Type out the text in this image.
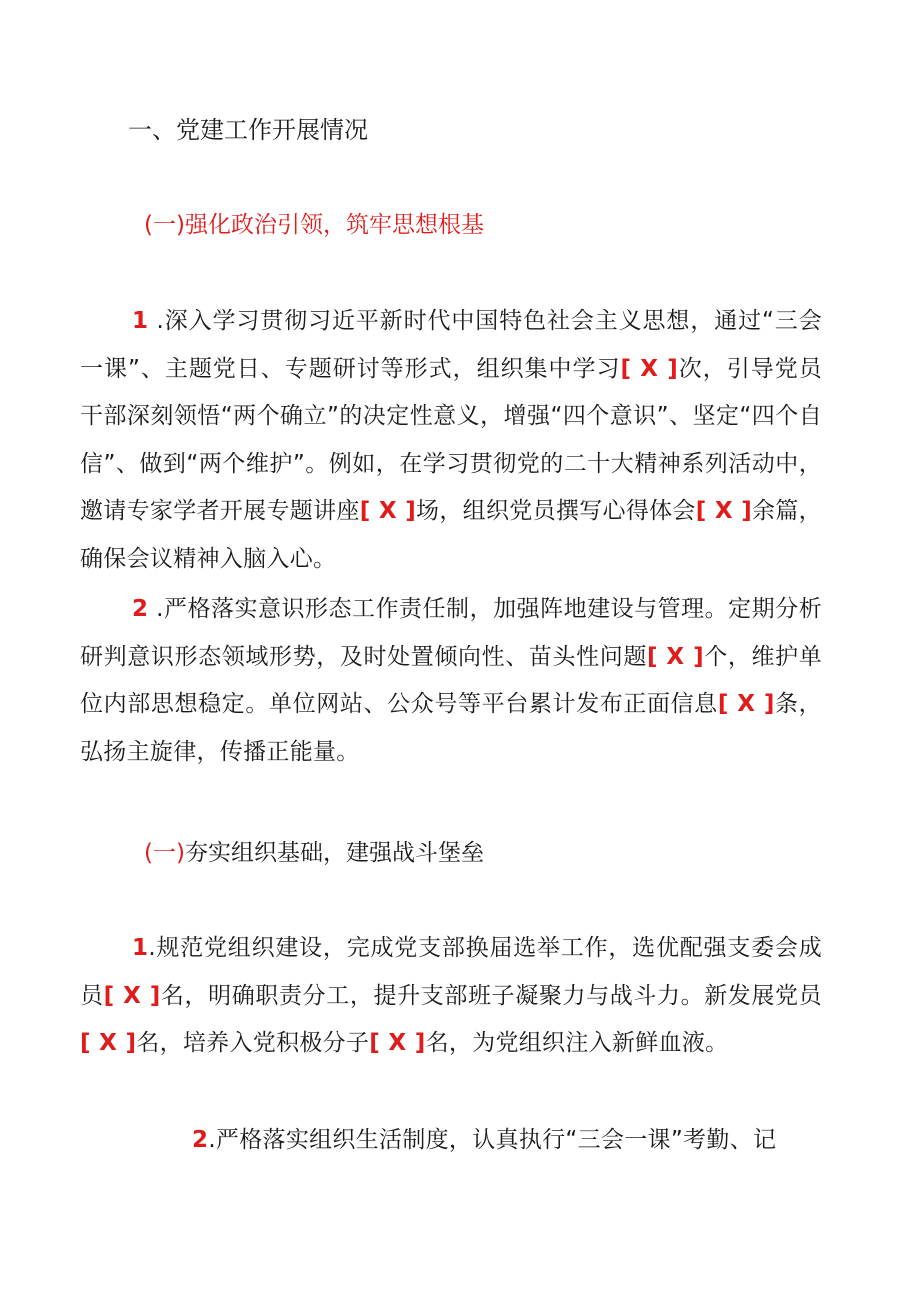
一、党建工作开展情况
(一)强化政治引领，筑牢思想根基
1 .深入学习贯彻习近平新时代中国特色社会主义思想，通过“三会一课”、主题党日、专题研讨等形式，组织集中学习[ X ]次，引导党员干部深刻领悟“两个确立”的决定性意义，增强“四个意识”、坚定“四个自信”、做到“两个维护”。例如，在学习贯彻党的二十大精神系列活动中，邀请专家学者开展专题讲座[ X ]场，组织党员撰写心得体会[ X ]余篇，确保会议精神入脑入心。
2 .严格落实意识形态工作责任制，加强阵地建设与管理。定期分析研判意识形态领域形势，及时处置倾向性、苗头性问题[ X ]个，维护单位内部思想稳定。单位网站、公众号等平台累计发布正面信息[ X ]条，弘扬主旋律，传播正能量。
(一)夯实组织基础，建强战斗堡垒
1.规范党组织建设，完成党支部换届选举工作，选优配强支委会成员[ X ]名，明确职责分工，提升支部班子凝聚力与战斗力。新发展党员[ X ]名，培养入党积极分子[ X ]名，为党组织注入新鲜血液。
2.严格落实组织生活制度，认真执行“三会一课”考勤、记
